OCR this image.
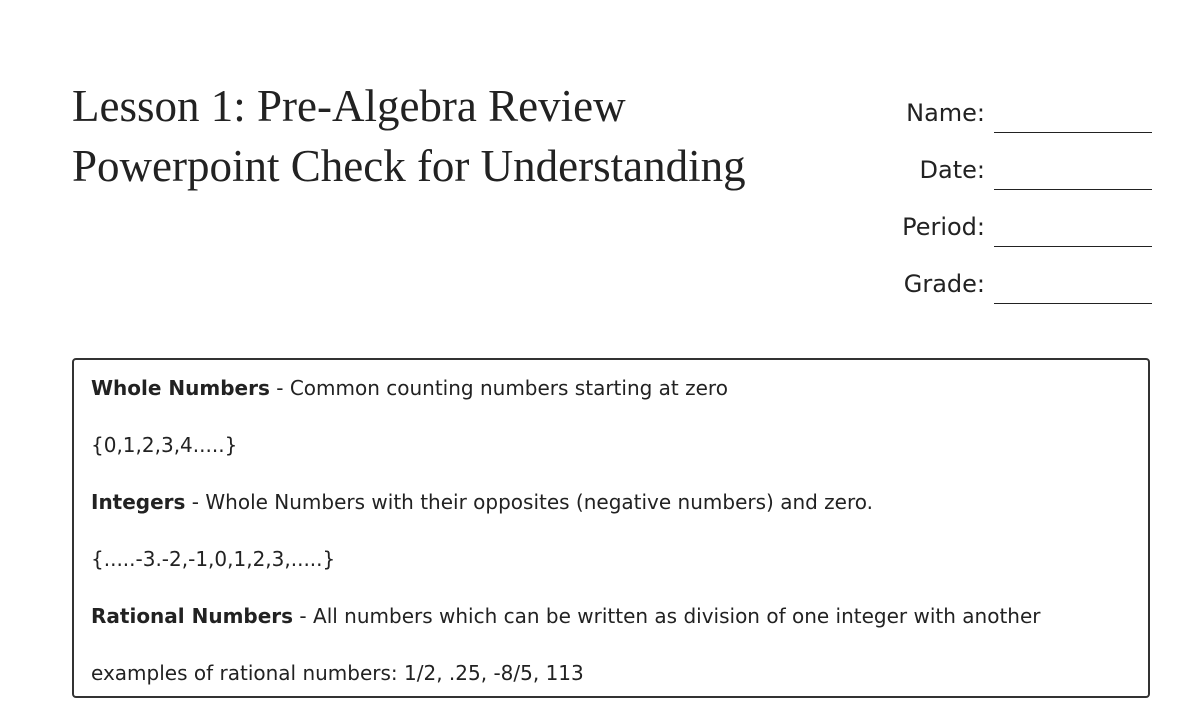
Lesson 1: Pre-Algebra Review
Powerpoint Check for Understanding
Name:
Date:
Period:
Grade:

Whole Numbers - Common counting numbers starting at zero

{0,1,2,3,4.....}

Integers - Whole Numbers with their opposites (negative numbers) and zero.

{.....-3.-2,-1,0,1,2,3,.....}

Rational Numbers - All numbers which can be written as division of one integer with another

examples of rational numbers: 1/2, .25, -8/5, 113
